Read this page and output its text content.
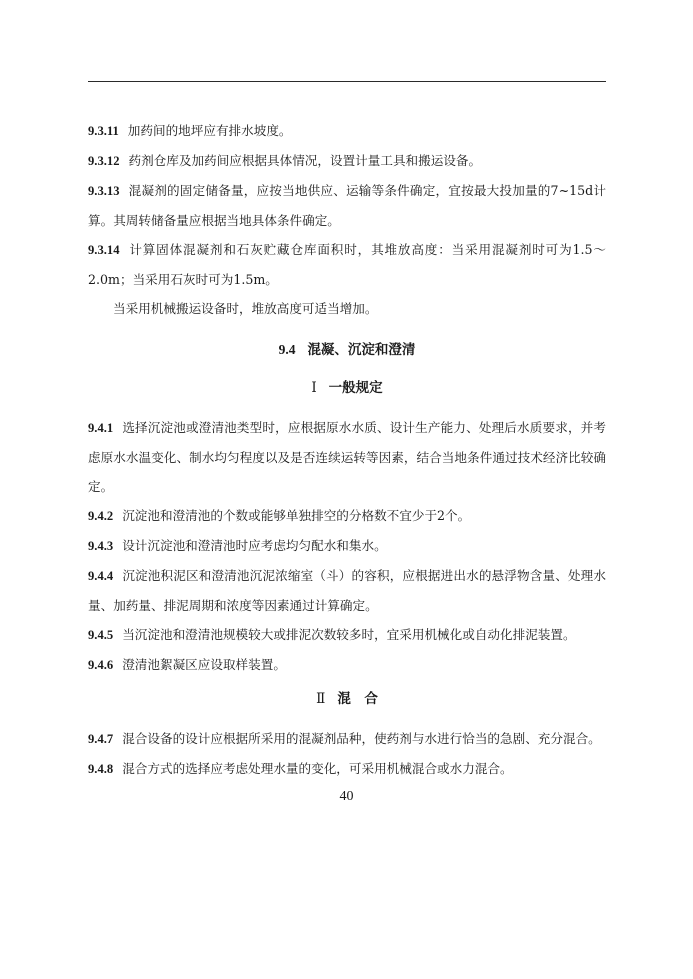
9.3.11 加药间的地坪应有排水坡度。

9.3.12 药剂仓库及加药间应根据具体情况，设置计量工具和搬运设备。

9.3.13 混凝剂的固定储备量，应按当地供应、运输等条件确定，宜按最大投加量的7~15d计算。其周转储备量应根据当地具体条件确定。

9.3.14 计算固体混凝剂和石灰贮藏仓库面积时，其堆放高度：当采用混凝剂时可为1.5～2.0m；当采用石灰时可为1.5m。

当采用机械搬运设备时，堆放高度可适当增加。

9.4 混凝、沉淀和澄清
Ⅰ 一般规定

9.4.1 选择沉淀池或澄清池类型时，应根据原水水质、设计生产能力、处理后水质要求，并考虑原水水温变化、制水均匀程度以及是否连续运转等因素，结合当地条件通过技术经济比较确定。

9.4.2 沉淀池和澄清池的个数或能够单独排空的分格数不宜少于2个。

9.4.3 设计沉淀池和澄清池时应考虑均匀配水和集水。

9.4.4 沉淀池积泥区和澄清池沉泥浓缩室（斗）的容积，应根据进出水的悬浮物含量、处理水量、加药量、排泥周期和浓度等因素通过计算确定。

9.4.5 当沉淀池和澄清池规模较大或排泥次数较多时，宜采用机械化或自动化排泥装置。

9.4.6 澄清池絮凝区应设取样装置。

Ⅱ 混　合

9.4.7 混合设备的设计应根据所采用的混凝剂品种，使药剂与水进行恰当的急剧、充分混合。

9.4.8 混合方式的选择应考虑处理水量的变化，可采用机械混合或水力混合。

40
